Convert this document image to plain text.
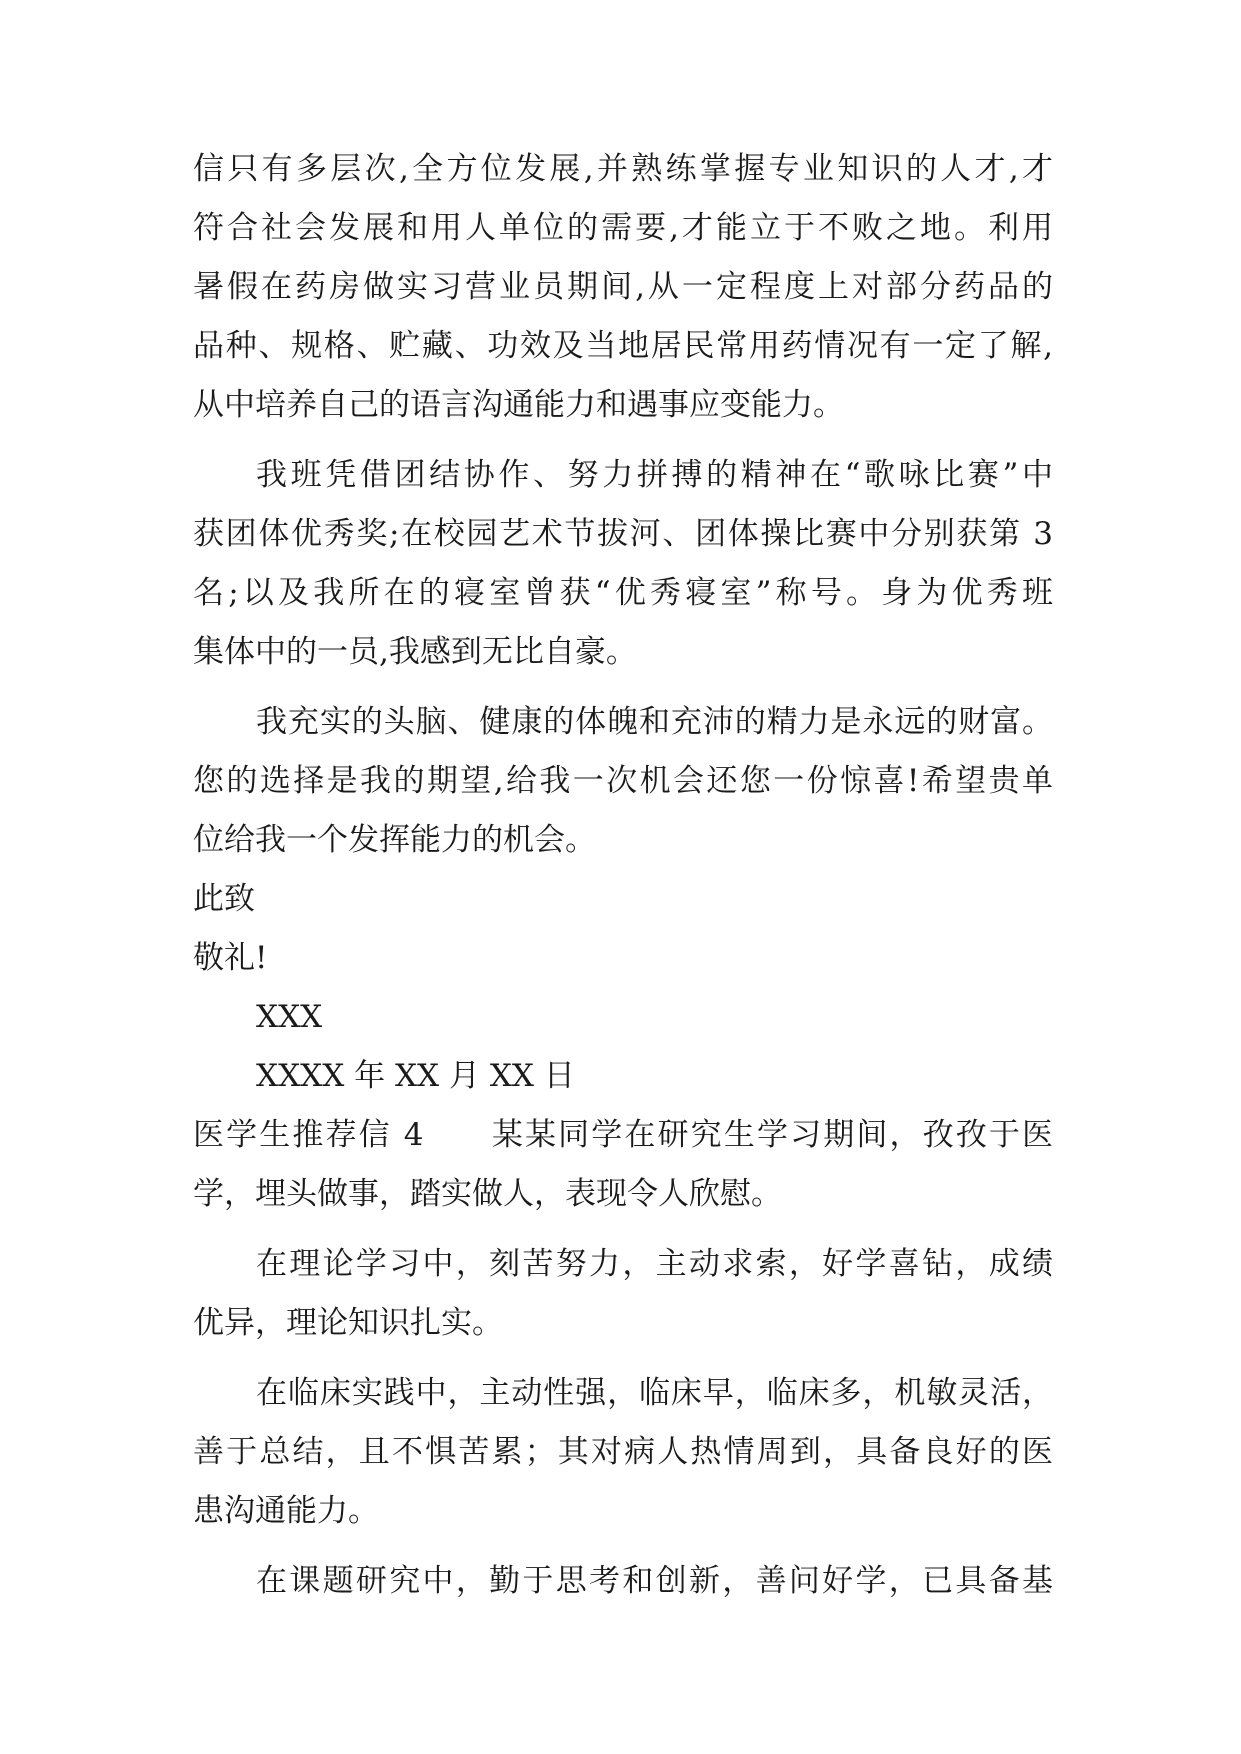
信只有多层次,全方位发展,并熟练掌握专业知识的人才,才
符合社会发展和用人单位的需要,才能立于不败之地。利用
暑假在药房做实习营业员期间,从一定程度上对部分药品的
品种、规格、贮藏、功效及当地居民常用药情况有一定了解,
从中培养自己的语言沟通能力和遇事应变能力。
我班凭借团结协作、努力拼搏的精神在“歌咏比赛”中
获团体优秀奖;在校园艺术节拔河、团体操比赛中分别获第 3
名;以及我所在的寝室曾获“优秀寝室”称号。身为优秀班
集体中的一员,我感到无比自豪。
我充实的头脑、健康的体魄和充沛的精力是永远的财富。
您的选择是我的期望,给我一次机会还您一份惊喜!希望贵单
位给我一个发挥能力的机会。
此致
敬礼!
XXX
XXXX 年 XX 月 XX 日
医学生推荐信 4　　某某同学在研究生学习期间，孜孜于医
学，埋头做事，踏实做人，表现令人欣慰。
在理论学习中，刻苦努力，主动求索，好学喜钻，成绩
优异，理论知识扎实。
在临床实践中，主动性强，临床早，临床多，机敏灵活，
善于总结，且不惧苦累；其对病人热情周到，具备良好的医
患沟通能力。
在课题研究中，勤于思考和创新，善问好学，已具备基
